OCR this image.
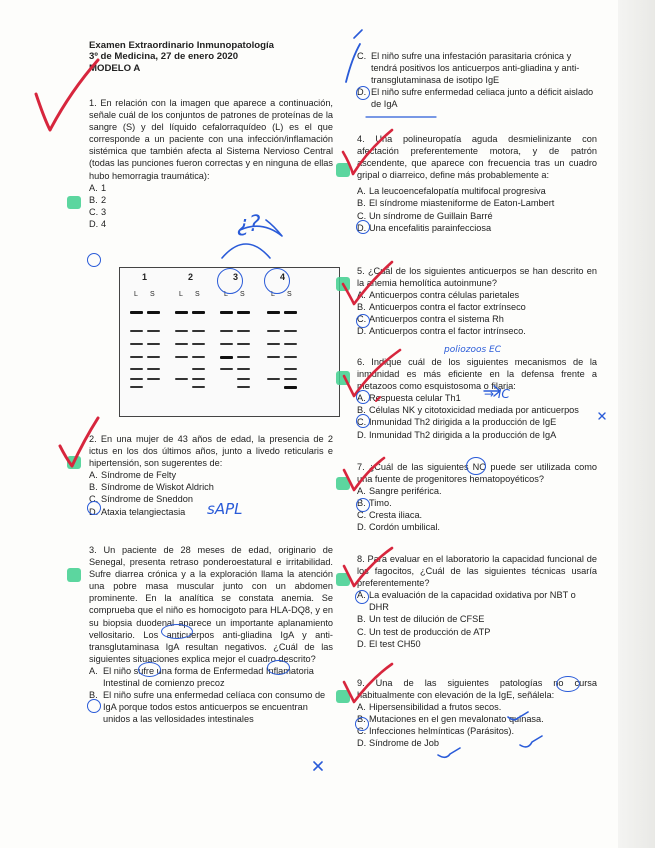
Examen Extraordinario Inmunopatología
3º de Medicina, 27 de enero 2020
MODELO A

1. En relación con la imagen que aparece a continuación, señale cuál de los conjuntos de patrones de proteínas de la sangre (S) y del líquido cefalorraquídeo (L) es el que corresponde a un paciente con una infección/inflamación sistémica que también afecta al Sistema Nervioso Central (todas las punciones fueron correctas y en ninguna de ellas hubo hemorragia traumática):

A. 1
B. 2
C. 3
D. 4
1	2	3	4
L S	L S	L S	L S

2. En una mujer de 43 años de edad, la presencia de 2 ictus en los dos últimos años, junto a livedo reticularis e hipertensión, son sugerentes de:

A. Síndrome de Felty
B. Síndrome de Wiskot Aldrich
C. Síndrome de Sneddon
D. Ataxia telangiectasia

3. Un paciente de 28 meses de edad, originario de Senegal, presenta retraso ponderoestatural e irritabilidad. Sufre diarrea crónica y a la exploración llama la atención una pobre masa muscular junto con un abdomen prominente. En la analítica se constata anemia. Se comprueba que el niño es homocigoto para HLA-DQ8, y en su biopsia duodenal aparece un importante aplanamiento vellositario. Los anticuerpos anti-gliadina IgA y anti-transglutaminasa IgA resultan negativos. ¿Cuál de las siguientes situaciones explica mejor el cuadro descrito?

A. El niño sufre una forma de Enfermedad Inflamatoria Intestinal de comienzo precoz
B. El niño sufre una enfermedad celíaca con consumo de IgA porque todos estos anticuerpos se encuentran unidos a las vellosidades intestinales
C. El niño sufre una infestación parasitaria crónica y tendrá positivos los anticuerpos anti-gliadina y anti-transglutaminasa de isotipo IgE
D. El niño sufre enfermedad celiaca junto a déficit aislado de IgA

4. Una polineuropatía aguda desmielinizante con afectación preferentemente motora, y de patrón ascendente, que aparece con frecuencia tras un cuadro gripal o diarreico, define más probablemente a:

A. La leucoencefalopatía multifocal progresiva
B. El síndrome miasteniforme de Eaton-Lambert
C. Un síndrome de Guillain Barré
D. Una encefalitis parainfecciosa

5. ¿Cuál de los siguientes anticuerpos se han descrito en la anemia hemolítica autoinmune?

A. Anticuerpos contra células parietales
B. Anticuerpos contra el factor extrínseco
C. Anticuerpos contra el sistema Rh
D. Anticuerpos contra el factor intrínseco.

6. Indique cuál de los siguientes mecanismos de la inmunidad es más eficiente en la defensa frente a metazoos como esquistosoma o filaria:

A. Respuesta celular Th1
B. Células NK y citotoxicidad mediada por anticuerpos
C. Inmunidad Th2 dirigida a la producción de IgE
D. Inmunidad Th2 dirigida a la producción de IgA

7. ¿Cuál de las siguientes NO puede ser utilizada como una fuente de progenitores hematopoyéticos?

A. Sangre periférica.
B. Timo.
C. Cresta iliaca.
D. Cordón umbilical.

8. Para evaluar en el laboratorio la capacidad funcional de los fagocitos, ¿Cuál de las siguientes técnicas usaría preferentemente?

A. La evaluación de la capacidad oxidativa por NBT o DHR
B. Un test de dilución de CFSE
C. Un test de producción de ATP
D. El test CH50

9. Una de las siguientes patologías no cursa habitualmente con elevación de la IgE, señálela:

A. Hipersensibilidad a frutos secos.
B. Mutaciones en el gen mevalonato quinasa.
C. Infecciones helmínticas (Parásitos).
D. Síndrome de Job
¿?
sAPL
poliozoos EC
→ IC
